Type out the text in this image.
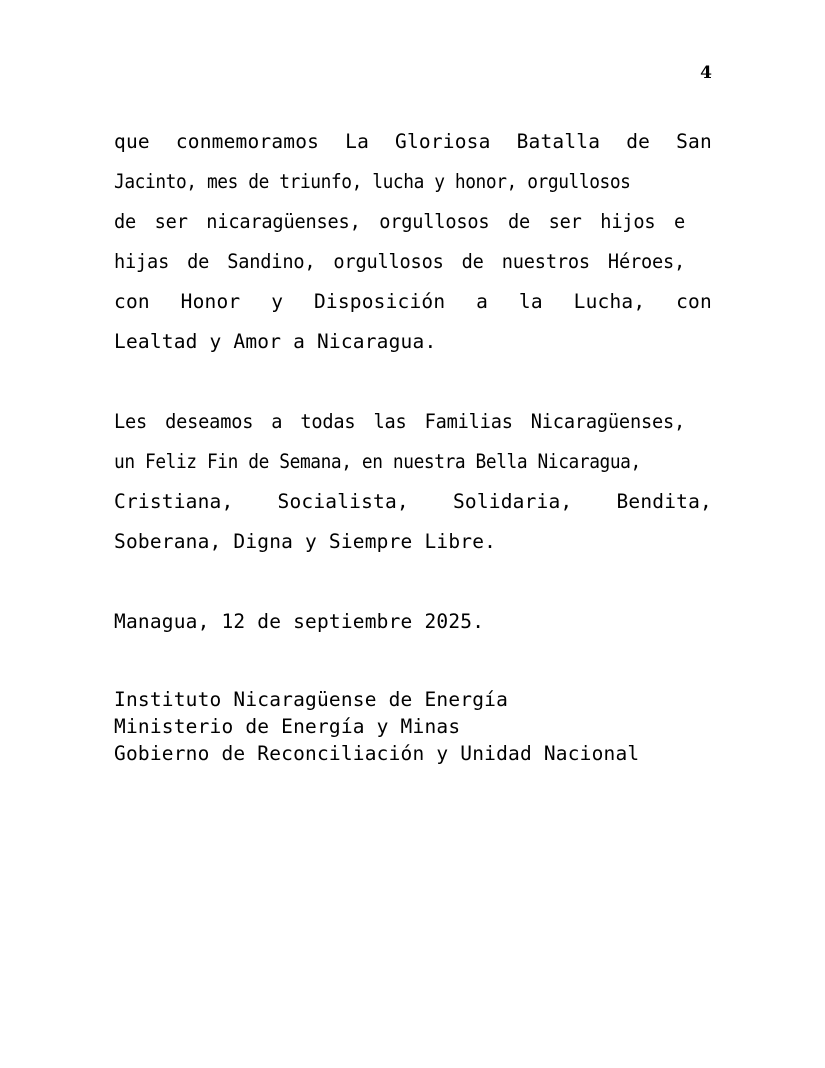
4

que conmemoramos La Gloriosa Batalla de San
Jacinto, mes de triunfo, lucha y honor, orgullosos
de ser nicaragüenses, orgullosos de ser hijos e
hijas de Sandino, orgullosos de nuestros Héroes,
con Honor y Disposición a la Lucha, con
Lealtad y Amor a Nicaragua.

Les deseamos a todas las Familias Nicaragüenses,
un Feliz Fin de Semana, en nuestra Bella Nicaragua,
Cristiana, Socialista, Solidaria, Bendita,
Soberana, Digna y Siempre Libre.

Managua, 12 de septiembre 2025.
Instituto Nicaragüense de Energía
Ministerio de Energía y Minas
Gobierno de Reconciliación y Unidad Nacional
